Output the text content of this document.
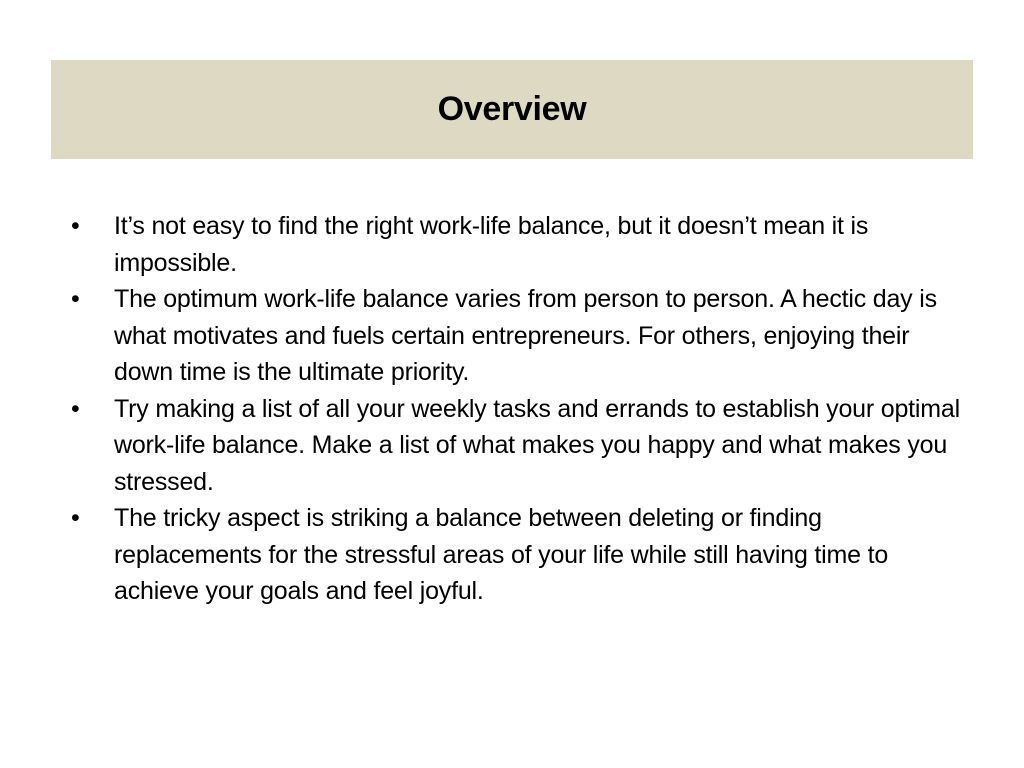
Overview
• It’s not easy to find the right work-life balance, but it doesn’t mean it is impossible.
• The optimum work-life balance varies from person to person. A hectic day is what motivates and fuels certain entrepreneurs. For others, enjoying their down time is the ultimate priority.
• Try making a list of all your weekly tasks and errands to establish your optimal work-life balance. Make a list of what makes you happy and what makes you stressed.
• The tricky aspect is striking a balance between deleting or finding replacements for the stressful areas of your life while still having time to achieve your goals and feel joyful.
